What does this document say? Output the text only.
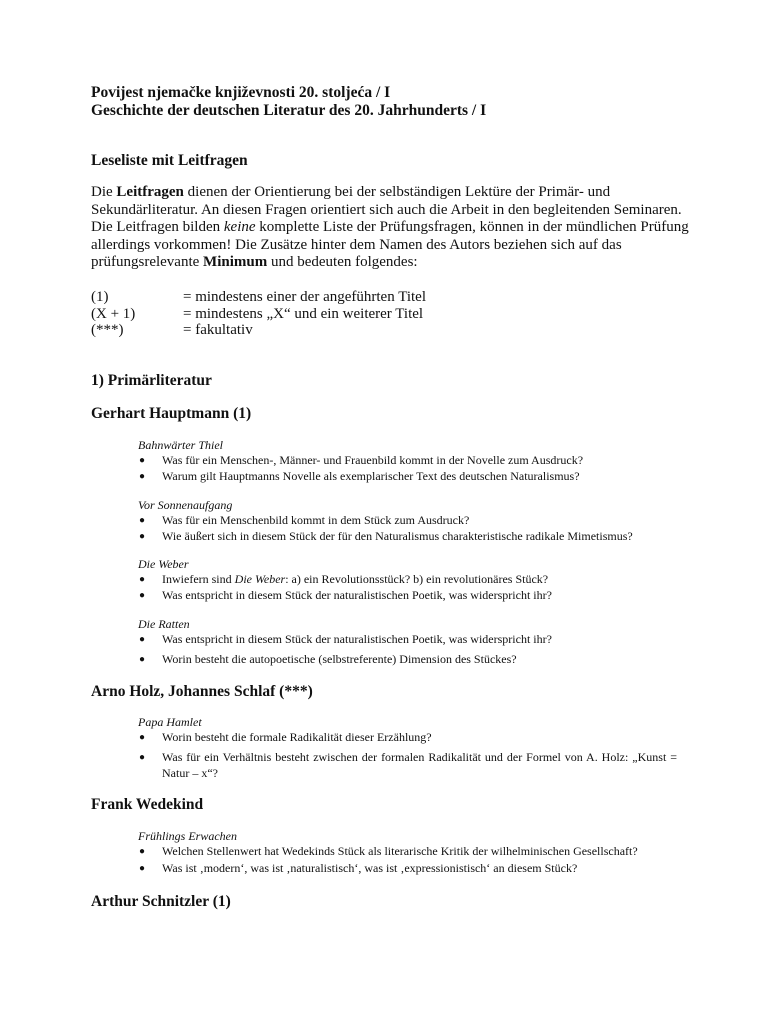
Povijest njemačke književnosti 20. stoljeća / I
Geschichte der deutschen Literatur des 20. Jahrhunderts / I
Leseliste mit Leitfragen
Die Leitfragen dienen der Orientierung bei der selbständigen Lektüre der Primär- und Sekundärliteratur. An diesen Fragen orientiert sich auch die Arbeit in den begleitenden Seminaren. Die Leitfragen bilden keine komplette Liste der Prüfungsfragen, können in der mündlichen Prüfung allerdings vorkommen! Die Zusätze hinter dem Namen des Autors beziehen sich auf das prüfungsrelevante Minimum und bedeuten folgendes:
(1)	= mindestens einer der angeführten Titel
(X + 1)	= mindestens „X“ und ein weiterer Titel
(***)	= fakultativ
1) Primärliteratur
Gerhart Hauptmann (1)
Bahnwärter Thiel
● Was für ein Menschen-, Männer- und Frauenbild kommt in der Novelle zum Ausdruck?
● Warum gilt Hauptmanns Novelle als exemplarischer Text des deutschen Naturalismus?
Vor Sonnenaufgang
● Was für ein Menschenbild kommt in dem Stück zum Ausdruck?
● Wie äußert sich in diesem Stück der für den Naturalismus charakteristische radikale Mimetismus?
Die Weber
● Inwiefern sind Die Weber: a) ein Revolutionsstück? b) ein revolutionäres Stück?
● Was entspricht in diesem Stück der naturalistischen Poetik, was widerspricht ihr?
Die Ratten
● Was entspricht in diesem Stück der naturalistischen Poetik, was widerspricht ihr?
● Worin besteht die autopoetische (selbstreferente) Dimension des Stückes?
Arno Holz, Johannes Schlaf (***)
Papa Hamlet
● Worin besteht die formale Radikalität dieser Erzählung?
● Was für ein Verhältnis besteht zwischen der formalen Radikalität und der Formel von A. Holz: „Kunst = Natur – x“?
Frank Wedekind
Frühlings Erwachen
● Welchen Stellenwert hat Wedekinds Stück als literarische Kritik der wilhelminischen Gesellschaft?
● Was ist ‚modern‘, was ist ‚naturalistisch‘, was ist ‚expressionistisch‘ an diesem Stück?
Arthur Schnitzler (1)
